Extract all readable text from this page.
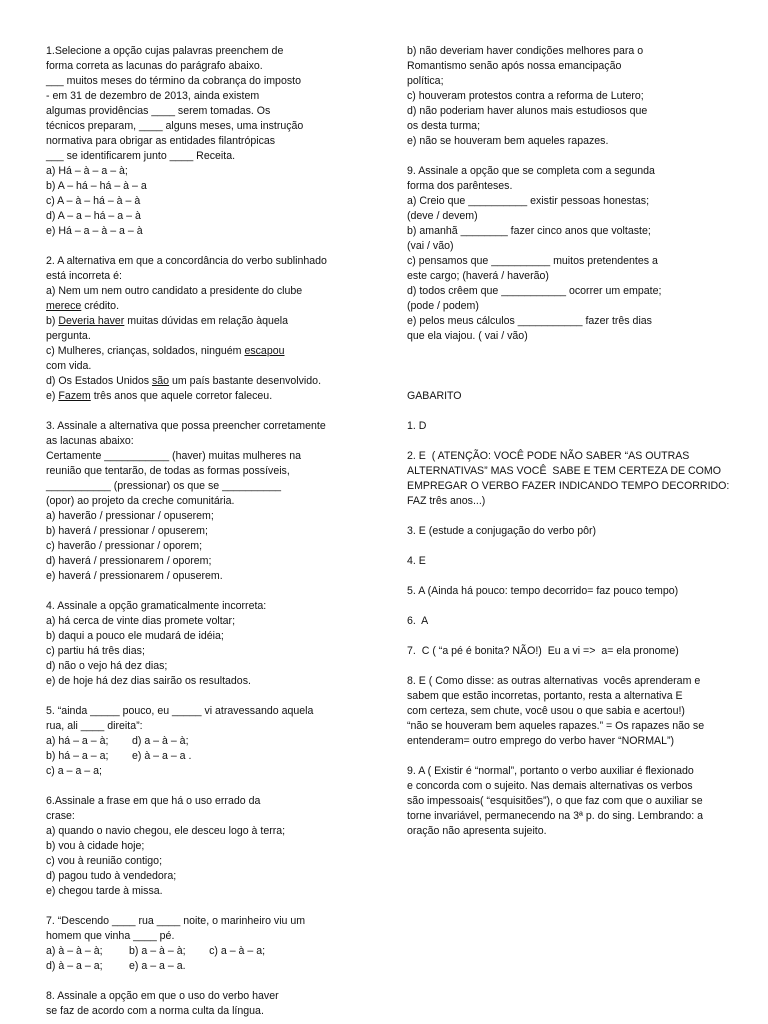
1.Selecione a opção cujas palavras preenchem de
forma correta as lacunas do parágrafo abaixo.
___ muitos meses do término da cobrança do imposto
- em 31 de dezembro de 2013, ainda existem
algumas providências ____ serem tomadas. Os
técnicos preparam, ____ alguns meses, uma instrução
normativa para obrigar as entidades filantrópicas
___ se identificarem junto ____ Receita.
a) Há – à – a – à;
b) A – há – há – à – a
c) A – à – há – à – à
d) A – a – há – a – à
e) Há – a – à – a – à
2. A alternativa em que a concordância do verbo sublinhado
está incorreta é:
a) Nem um nem outro candidato a presidente do clube
merece crédito.
b) Deveria haver muitas dúvidas em relação àquela
pergunta.
c) Mulheres, crianças, soldados, ninguém escapou
com vida.
d) Os Estados Unidos são um país bastante desenvolvido.
e) Fazem três anos que aquele corretor faleceu.
3. Assinale a alternativa que possa preencher corretamente
as lacunas abaixo:
Certamente ___________ (haver) muitas mulheres na
reunião que tentarão, de todas as formas possíveis,
___________ (pressionar) os que se __________
(opor) ao projeto da creche comunitária.
a) haverão / pressionar / opuserem;
b) haverá / pressionar / opuserem;
c) haverão / pressionar / oporem;
d) haverá / pressionarem / oporem;
e) haverá / pressionarem / opuserem.
4. Assinale a opção gramaticalmente incorreta:
a) há cerca de vinte dias promete voltar;
b) daqui a pouco ele mudará de idéia;
c) partiu há três dias;
d) não o vejo há dez dias;
e) de hoje há dez dias sairão os resultados.
5. “ainda _____ pouco, eu _____ vi atravessando aquela
rua, ali ____ direita”:
a) há – a – à;        d) a – à – à;
b) há – a – a;        e) à – a – a .
c) a – a – a;
6.Assinale a frase em que há o uso errado da
crase:
a) quando o navio chegou, ele desceu logo à terra;
b) vou à cidade hoje;
c) vou à reunião contigo;
d) pagou tudo à vendedora;
e) chegou tarde à missa.
7. “Descendo ____ rua ____ noite, o marinheiro viu um
homem que vinha ____ pé.
a) à – à – à;         b) a – à – à;        c) a – à – a;
d) à – a – a;         e) a – a – a.
8. Assinale a opção em que o uso do verbo haver
se faz de acordo com a norma culta da língua.
b) não deveriam haver condições melhores para o
Romantismo senão após nossa emancipação
política;
c) houveram protestos contra a reforma de Lutero;
d) não poderiam haver alunos mais estudiosos que
os desta turma;
e) não se houveram bem aqueles rapazes.
9. Assinale a opção que se completa com a segunda
forma dos parênteses.
a) Creio que __________ existir pessoas honestas;
(deve / devem)
b) amanhã ________ fazer cinco anos que voltaste;
(vai / vão)
c) pensamos que __________ muitos pretendentes a
este cargo; (haverá / haverão)
d) todos crêem que ___________ ocorrer um empate;
(pode / podem)
e) pelos meus cálculos ___________ fazer três dias
que ela viajou. ( vai / vão)
GABARITO
1. D
2. E  ( ATENÇÃO: VOCÊ PODE NÃO SABER “AS OUTRAS
ALTERNATIVAS” MAS VOCÊ  SABE E TEM CERTEZA DE COMO
EMPREGAR O VERBO FAZER INDICANDO TEMPO DECORRIDO:
FAZ três anos...)
3. E (estude a conjugação do verbo pôr)
4. E
5. A (Ainda há pouco: tempo decorrido= faz pouco tempo)
6.  A
7.  C ( “a pé é bonita? NÃO!)  Eu a vi =>  a= ela pronome)
8. E ( Como disse: as outras alternativas  vocês aprenderam e
sabem que estão incorretas, portanto, resta a alternativa E
com certeza, sem chute, você usou o que sabia e acertou!)
“não se houveram bem aqueles rapazes.” = Os rapazes não se
entenderam= outro emprego do verbo haver “NORMAL”)
9. A ( Existir é “normal”, portanto o verbo auxiliar é flexionado
e concorda com o sujeito. Nas demais alternativas os verbos
são impessoais( “esquisitões”), o que faz com que o auxiliar se
torne invariável, permanecendo na 3ª p. do sing. Lembrando: a
oração não apresenta sujeito.
